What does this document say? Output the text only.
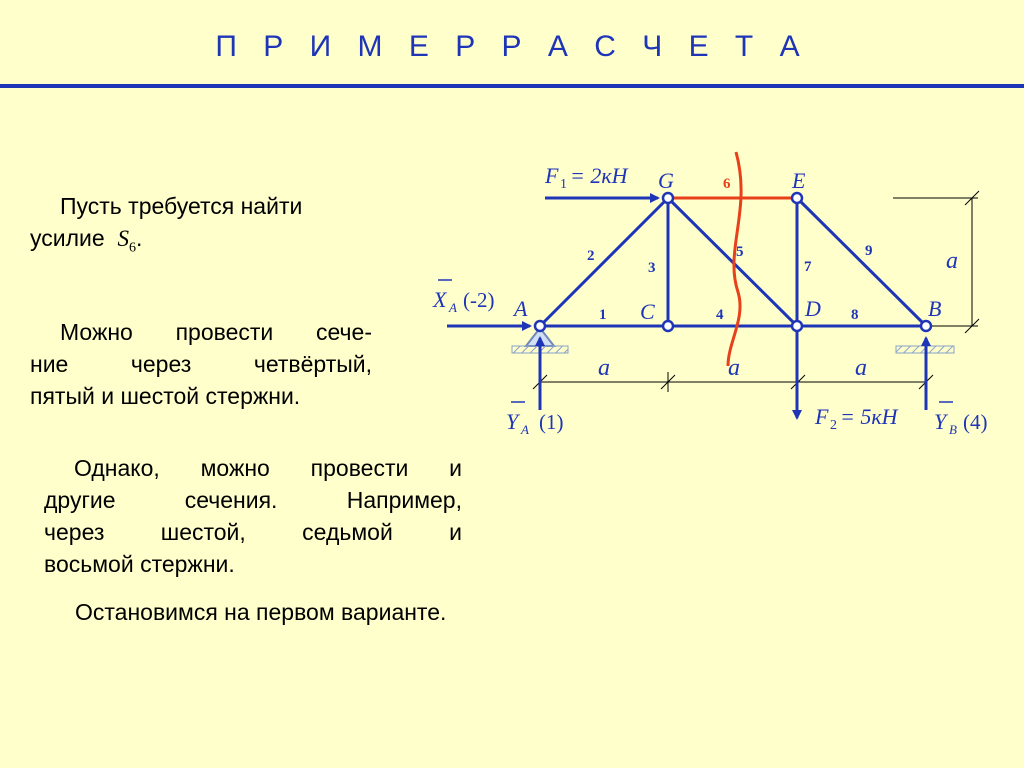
П Р И М Е Р Р А С Ч Е Т А
Пусть требуется найти
усилие $S_6$.
Можно провести сече-
ние через четвёртый,
пятый и шестой стержни.
Однако, можно провести и
другие сечения. Например,
через шестой, седьмой и
восьмой стержни.
Остановимся на первом варианте.
A	C	D	B
G	E
1
2
3
4
5
7
8
9
6
a	a	a
a
F 1 = 2кН
F 2 = 5кН
X A (-2)
Y A (1)	Y B (4)
